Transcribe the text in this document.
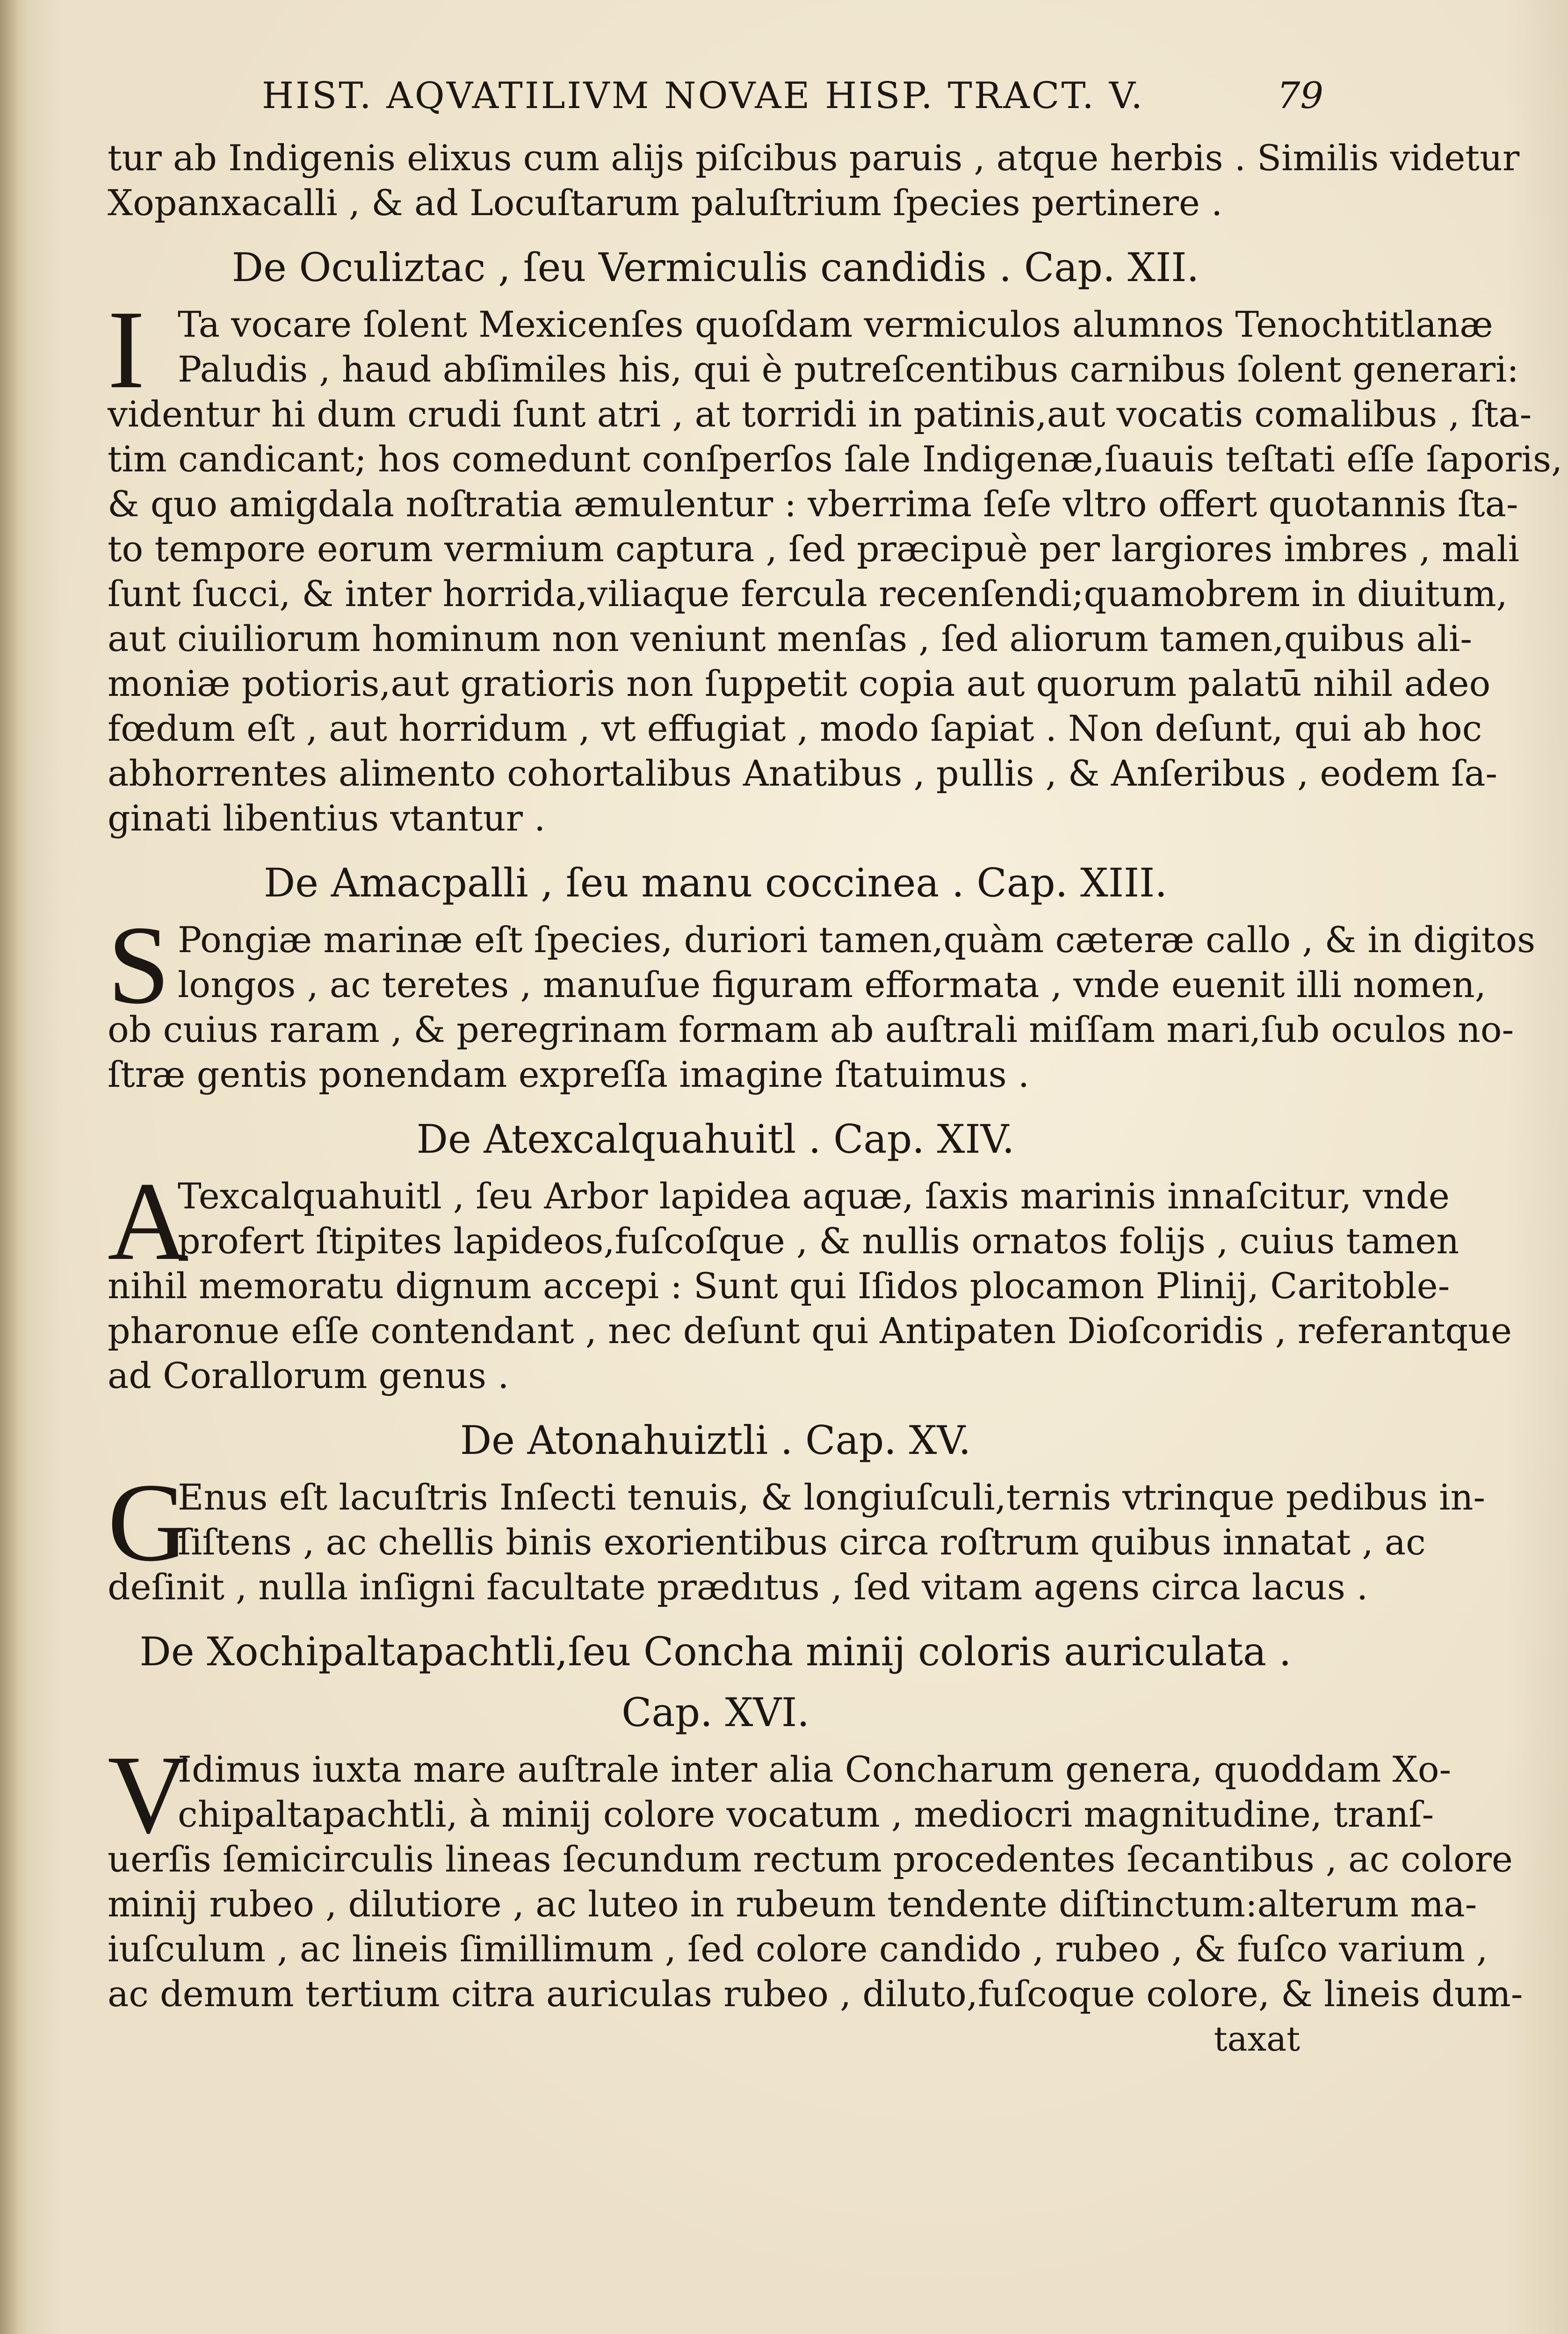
HIST. AQVATILIVM NOVAE HISP. TRACT. V.	79
tur ab Indigenis elixus cum alijs piſcibus paruis , atque herbis . Similis videtur
Xopanxacalli , & ad Locuſtarum paluſtrium ſpecies pertinere .
De Oculiztac , ſeu Vermiculis candidis . Cap. XII.
I Ta vocare ſolent Mexicenſes quoſdam vermiculos alumnos Tenochtitlanæ
Paludis , haud abſimiles his, qui è putreſcentibus carnibus ſolent generari:
videntur hi dum crudi ſunt atri , at torridi in patinis,aut vocatis comalibus , ſta-
tim candicant; hos comedunt conſperſos ſale Indigenæ,ſuauis teſtati eſſe ſaporis,
& quo amigdala noſtratia æmulentur : vberrima ſeſe vltro offert quotannis ſta-
to tempore eorum vermium captura , ſed præcipuè per largiores imbres , mali
ſunt ſucci, & inter horrida,viliaque fercula recenſendi;quamobrem in diuitum,
aut ciuiliorum hominum non veniunt menſas , ſed aliorum tamen,quibus ali-
moniæ potioris,aut gratioris non ſuppetit copia aut quorum palatū nihil adeo
fœdum eſt , aut horridum , vt effugiat , modo ſapiat . Non deſunt, qui ab hoc
abhorrentes alimento cohortalibus Anatibus , pullis , & Anſeribus , eodem ſa-
ginati libentius vtantur .
De Amacpalli , ſeu manu coccinea . Cap. XIII.
S Pongiæ marinæ eſt ſpecies, duriori tamen,quàm cæteræ callo , & in digitos
longos , ac teretes , manuſue figuram efformata , vnde euenit illi nomen,
ob cuius raram , & peregrinam formam ab auſtrali miſſam mari,ſub oculos no-
ſtræ gentis ponendam expreſſa imagine ſtatuimus .
De Atexcalquahuitl . Cap. XIV.
A
Texcalquahuitl , ſeu Arbor lapidea aquæ, ſaxis marinis innaſcitur, vnde
profert ſtipites lapideos,fuſcoſque , & nullis ornatos folijs , cuius tamen
nihil memoratu dignum accepi : Sunt qui Iſidos plocamon Plinij, Caritoble-
pharonue eſſe contendant , nec deſunt qui Antipaten Dioſcoridis , referantque
ad Corallorum genus .
De Atonahuiztli . Cap. XV.
G
Enus eſt lacuſtris Inſecti tenuis, & longiuſculi,ternis vtrinque pedibus in-
ſiſtens , ac chellis binis exorientibus circa roſtrum quibus innatat , ac
deſinit , nulla inſigni facultate prædıtus , ſed vitam agens circa lacus .
De Xochipaltapachtli,ſeu Concha minij coloris auriculata .
Cap. XVI.
V
Idimus iuxta mare auſtrale inter alia Concharum genera, quoddam Xo-
chipaltapachtli, à minij colore vocatum , mediocri magnitudine, tranſ-
uerſis ſemicirculis lineas ſecundum rectum procedentes ſecantibus , ac colore
minij rubeo , dilutiore , ac luteo in rubeum tendente diſtinctum:alterum ma-
iuſculum , ac lineis ſimillimum , ſed colore candido , rubeo , & fuſco varium ,
ac demum tertium citra auriculas rubeo , diluto,fuſcoque colore, & lineis dum-
taxat
